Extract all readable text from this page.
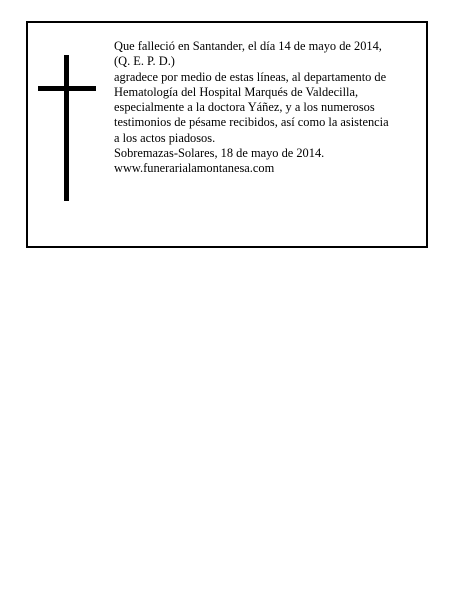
Que falleció en Santander, el día 14 de mayo de 2014,
(Q. E. P. D.)
agradece por medio de estas líneas, al departamento de
Hematología del Hospital Marqués de Valdecilla,
especialmente a la doctora Yáñez, y a los numerosos
testimonios de pésame recibidos, así como la asistencia
a los actos piadosos.
Sobremazas-Solares, 18 de mayo de 2014.
www.funerarialamontanesa.com
